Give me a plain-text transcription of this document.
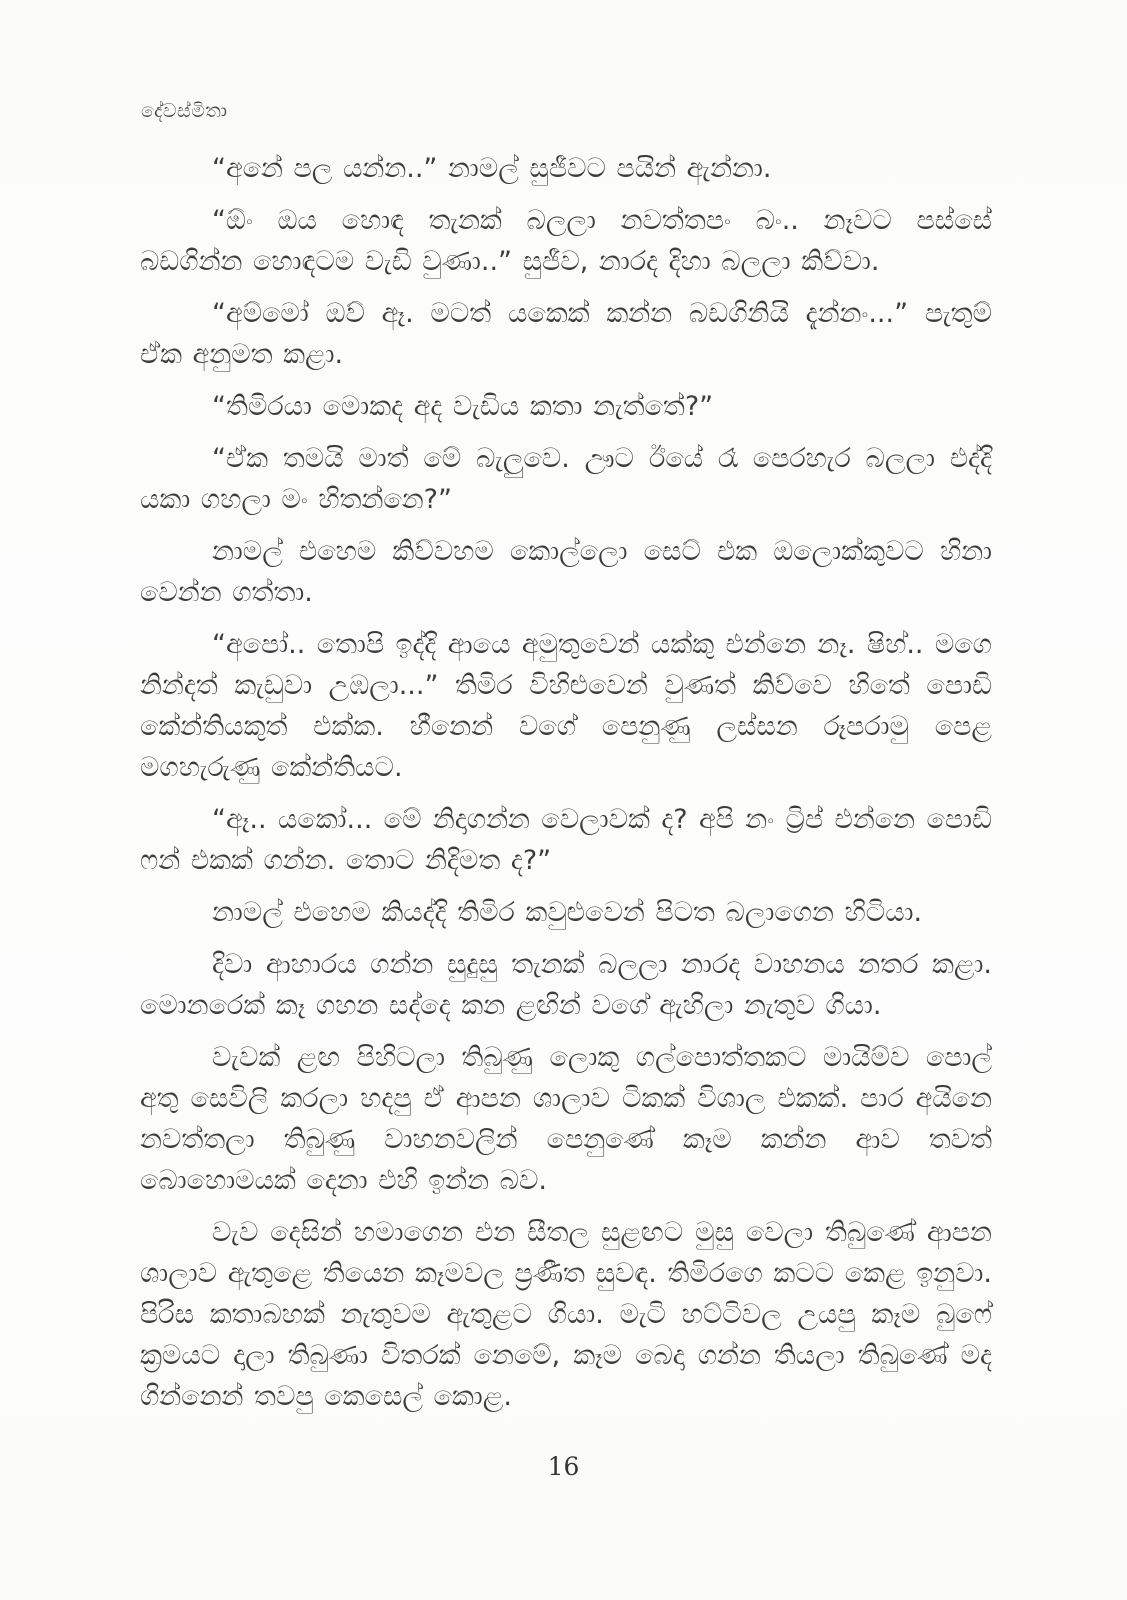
දේවස්මිතා

“අනේ පල යන්න..” නාමල් සුජීවට පයින් ඇන්නා.

“ඕං ඔය හොඳ තැනක් බලලා නවත්තපං බං.. නෑවට පස්සේ බඩගින්න හොඳටම වැඩි වුණා..” සුජීව, නාරද දිහා බලලා කිව්වා.

“අම්මෝ ඔව් ඈ. මටත් යකෙක් කන්න බඩගිනියි දැන්නං...” පැතුම් ඒක අනුමත කළා.

“තිමිරයා මොකද අද වැඩිය කතා නැත්තේ?”

“ඒක තමයි මාත් මේ බැලුවෙ. ඌට ඊයේ රෑ පෙරහැර බලලා එද්දි යකා ගහලා මං හිතන්නෙ?”

නාමල් එහෙම කිව්වහම කොල්ලො සෙට් එක ඔලොක්කුවට හිනා වෙන්න ගත්තා.

“අපෝ.. තොපි ඉද්දි ආයෙ අමුතුවෙන් යක්කු එන්නෙ නෑ. ෂිහ්.. මගෙ නින්දත් කැඩුවා උඹලා...” තිමිර විහිළුවෙන් වුණත් කිව්වෙ හිතේ පොඩි කේන්තියකුත් එක්ක. හීනෙන් වගේ පෙනුණු ලස්සන රූපරාමු පෙළ මගහැරුණු කේන්තියට.

“ඈ.. යකෝ... මේ නිදාගන්න වෙලාවක් ද? අපි නං ට්‍රිප් එන්නෙ පොඩි ෆන් එකක් ගන්න. තොට නිදිමත ද?”

නාමල් එහෙම කියද්දි තිමිර කවුළුවෙන් පිටත බලාගෙන හිටියා.

දිවා ආහාරය ගන්න සුදුසු තැනක් බලලා නාරද වාහනය නතර කළා. මොනරෙක් කෑ ගහන සද්දෙ කන ළඟින් වගේ ඇහිලා නැතුව ගියා.

වැවක් ළඟ පිහිටලා තිබුණු ලොකු ගල්පොත්තකට මායිම්ව පොල් අතු සෙවිලි කරලා හදපු ඒ ආපන ශාලාව ටිකක් විශාල එකක්. පාර අයිනෙ නවත්තලා තිබුණු වාහනවලින් පෙනුණේ කෑම කන්න ආව තවත් බොහොමයක් දෙනා එහි ඉන්න බව.

වැව දෙසින් හමාගෙන එන සීතල සුළඟට මුසු වෙලා තිබුණේ ආපන ශාලාව ඇතුළෙ තියෙන කෑමවල ප්‍රණීත සුවඳ. තිමිරගෙ කටට කෙළ ඉනුවා. පිරිස කතාබහක් නැතුවම ඇතුළට ගියා. මැටි හට්ටිවල උයපු කෑම බුෆේ ක්‍රමයට දාලා තිබුණා විතරක් නෙමේ, කෑම බෙදා ගන්න තියලා තිබුණේ මද ගින්නෙන් තවපු කෙසෙල් කොළ.

16
